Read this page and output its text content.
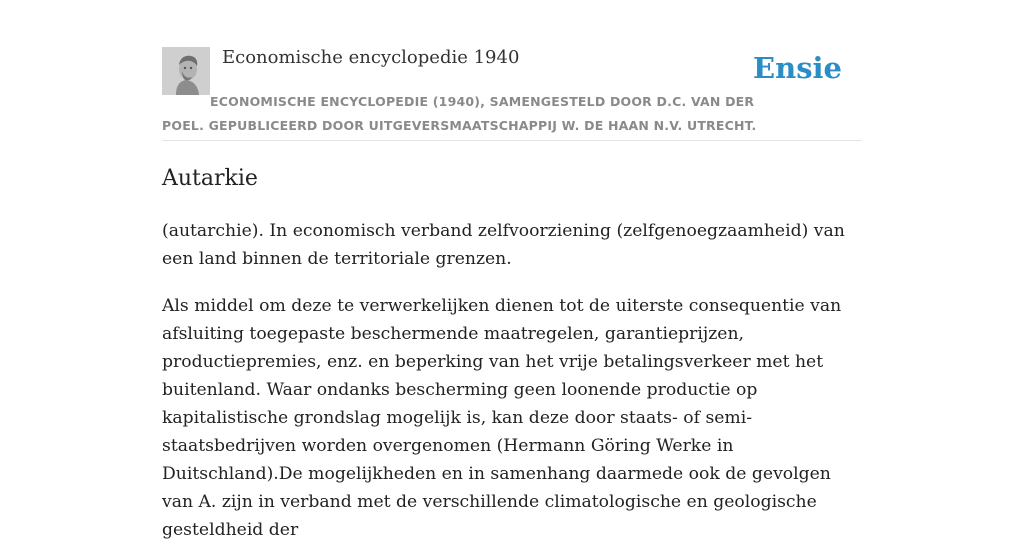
Economische encyclopedie 1940	Ensie
ECONOMISCHE ENCYCLOPEDIE (1940), SAMENGESTELD DOOR D.C. VAN DER POEL. GEPUBLICEERD DOOR UITGEVERSMAATSCHAPPIJ W. DE HAAN N.V. UTRECHT.
Autarkie

(autarchie). In economisch verband zelfvoorziening (zelfgenoegzaamheid) van een land binnen de territoriale grenzen.

Als middel om deze te verwerkelijken dienen tot de uiterste consequentie van afsluiting toegepaste beschermende maatregelen, garantieprijzen, productiepremies, enz. en beperking van het vrije betalingsverkeer met het buitenland. Waar ondanks bescherming geen loonende productie op kapitalistische grondslag mogelijk is, kan deze door staats- of semi-staatsbedrijven worden overgenomen (Hermann Göring Werke in Duitschland).De mogelijkheden en in samenhang daarmede ook de gevolgen van A. zijn in verband met de verschillende climatologische en geologische gesteldheid der
